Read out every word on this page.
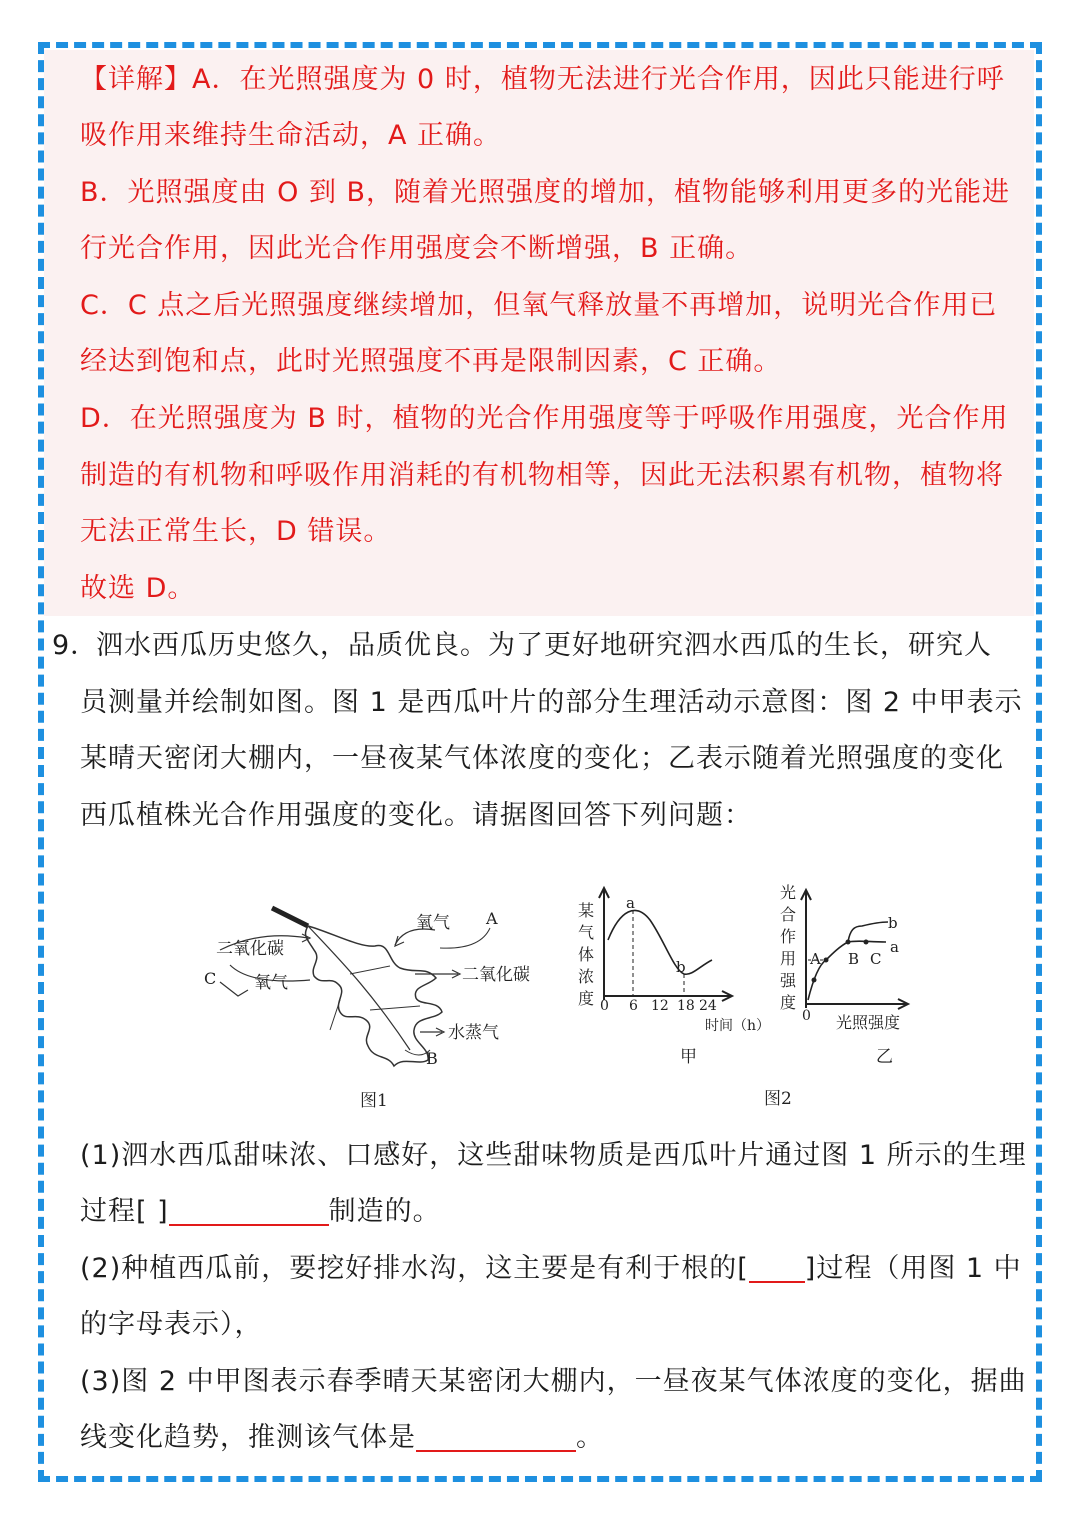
【详解】A．在光照强度为 0 时，植物无法进行光合作用，因此只能进行呼
吸作用来维持生命活动，A 正确。
B．光照强度由 O 到 B，随着光照强度的增加，植物能够利用更多的光能进
行光合作用，因此光合作用强度会不断增强，B 正确。
C．C 点之后光照强度继续增加，但氧气释放量不再增加，说明光合作用已
经达到饱和点，此时光照强度不再是限制因素，C 正确。
D．在光照强度为 B 时，植物的光合作用强度等于呼吸作用强度，光合作用
制造的有机物和呼吸作用消耗的有机物相等，因此无法积累有机物，植物将
无法正常生长，D 错误。
故选 D。
9．
泗水西瓜历史悠久，品质优良。为了更好地研究泗水西瓜的生长，研究人
员测量并绘制如图。图 1 是西瓜叶片的部分生理活动示意图：图 2 中甲表示
某晴天密闭大棚内，一昼夜某气体浓度的变化；乙表示随着光照强度的变化
西瓜植株光合作用强度的变化。请据图回答下列问题：
二氧化碳
氧气
C
氧气 A
二氧化碳
水蒸气
B
图1
a
b
某
气
体
浓
度 0 6 12 18 24
时间（h）
甲
A B C
a
b
0
光
合
作
用
强
度
光照强度
乙
图2
(1)泗水西瓜甜味浓、口感好，这些甜味物质是西瓜叶片通过图 1 所示的生理
过程[ ]	制造的。
(2)种植西瓜前，要挖好排水沟，这主要是有利于根的[ ]过程（用图 1 中
的字母表示），
(3)图 2 中甲图表示春季晴天某密闭大棚内，一昼夜某气体浓度的变化，据曲
线变化趋势，推测该气体是	。
